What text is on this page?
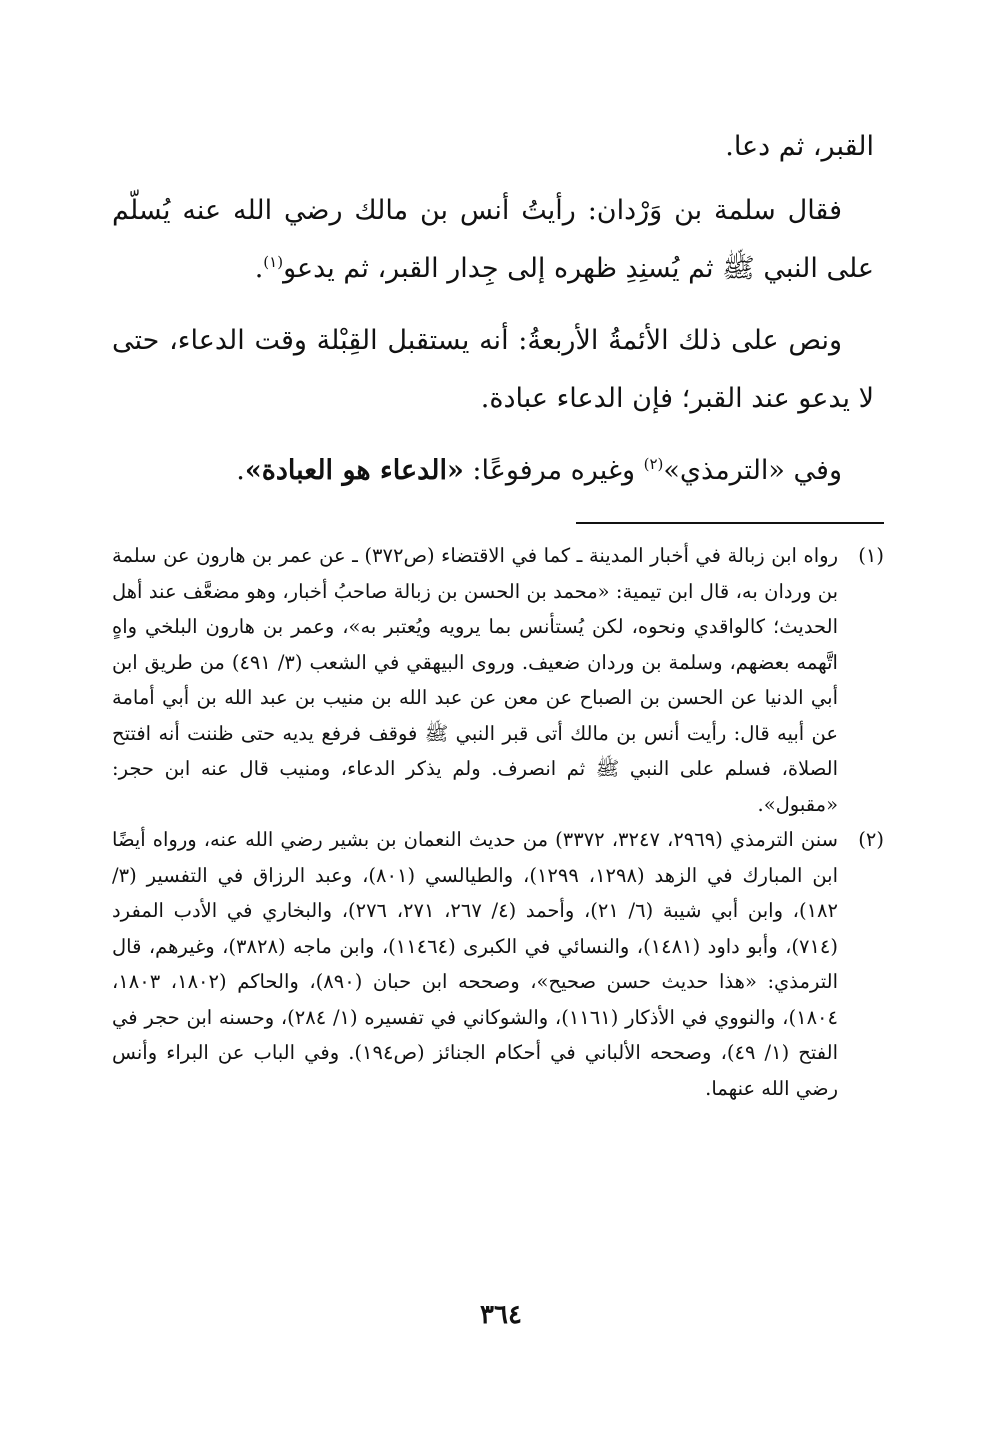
القبر، ثم دعا.

فقال سلمة بن وَرْدان: رأيتُ أنس بن مالك رضي الله عنه يُسلّم على النبي ﷺ ثم يُسنِدِ ظهره إلى جِدار القبر، ثم يدعو$^{(١)}$.

ونص على ذلك الأئمةُ الأربعةُ: أنه يستقبل القِبْلة وقت الدعاء، حتى لا يدعو عند القبر؛ فإن الدعاء عبادة.

وفي «الترمذي»$^{(٢)}$ وغيره مرفوعًا: «الدعاء هو العبادة».

(١)

رواه ابن زبالة في أخبار المدينة ـ كما في الاقتضاء (ص٣٧٢) ـ عن عمر بن هارون عن سلمة بن وردان به، قال ابن تيمية: «محمد بن الحسن بن زبالة صاحبُ أخبار، وهو مضعَّف عند أهل الحديث؛ كالواقدي ونحوه، لكن يُستأنس بما يرويه ويُعتبر به»، وعمر بن هارون البلخي واهٍ اتَّهمه بعضهم، وسلمة بن وردان ضعيف. وروى البيهقي في الشعب (٣/ ٤٩١) من طريق ابن أبي الدنيا عن الحسن بن الصباح عن معن عن عبد الله بن منيب بن عبد الله بن أبي أمامة عن أبيه قال: رأيت أنس بن مالك أتى قبر النبي ﷺ فوقف فرفع يديه حتى ظننت أنه افتتح الصلاة، فسلم على النبي ﷺ ثم انصرف. ولم يذكر الدعاء، ومنيب قال عنه ابن حجر: «مقبول».

(٢)

سنن الترمذي (٢٩٦٩، ٣٢٤٧، ٣٣٧٢) من حديث النعمان بن بشير رضي الله عنه، ورواه أيضًا ابن المبارك في الزهد (١٢٩٨، ١٢٩٩)، والطيالسي (٨٠١)، وعبد الرزاق في التفسير (٣/ ١٨٢)، وابن أبي شيبة (٦/ ٢١)، وأحمد (٤/ ٢٦٧، ٢٧١، ٢٧٦)، والبخاري في الأدب المفرد (٧١٤)، وأبو داود (١٤٨١)، والنسائي في الكبرى (١١٤٦٤)، وابن ماجه (٣٨٢٨)، وغيرهم، قال الترمذي: «هذا حديث حسن صحيح»، وصححه ابن حبان (٨٩٠)، والحاكم (١٨٠٢، ١٨٠٣، ١٨٠٤)، والنووي في الأذكار (١١٦١)، والشوكاني في تفسيره (١/ ٢٨٤)، وحسنه ابن حجر في الفتح (١/ ٤٩)، وصححه الألباني في أحكام الجنائز (ص١٩٤). وفي الباب عن البراء وأنس رضي الله عنهما.

٣٦٤
